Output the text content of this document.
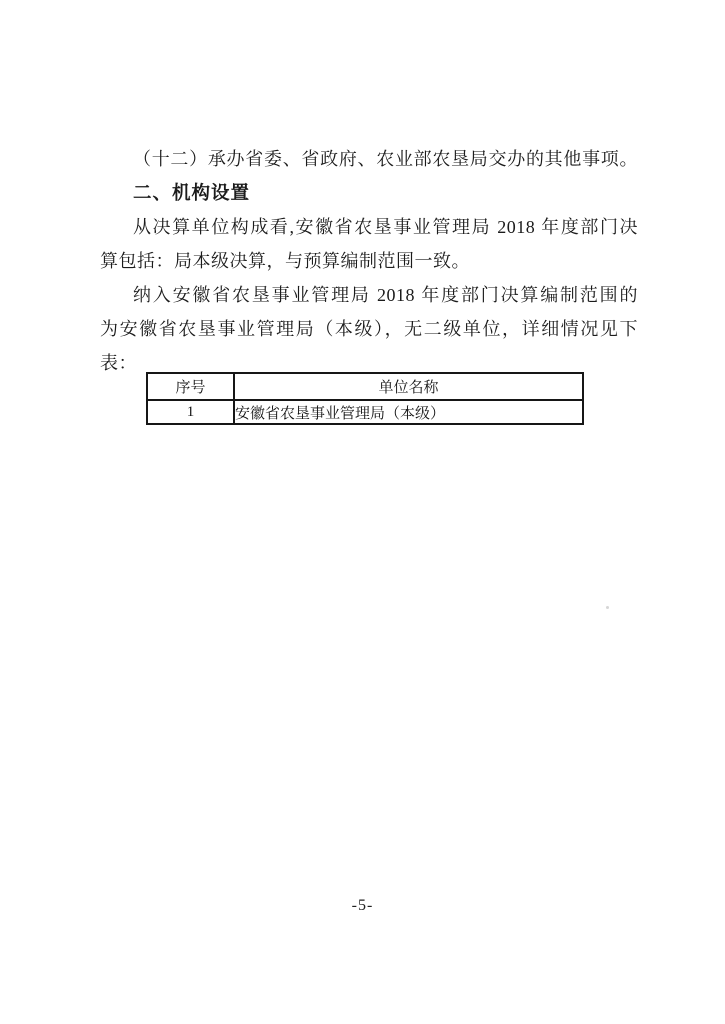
（十二）承办省委、省政府、农业部农垦局交办的其他事项。
二、机构设置
从决算单位构成看,安徽省农垦事业管理局 2018 年度部门决
算包括：局本级决算，与预算编制范围一致。
纳入安徽省农垦事业管理局 2018 年度部门决算编制范围的
为安徽省农垦事业管理局（本级），无二级单位，详细情况见下
表：
序号	单位名称
1	安徽省农垦事业管理局（本级）
-5-
